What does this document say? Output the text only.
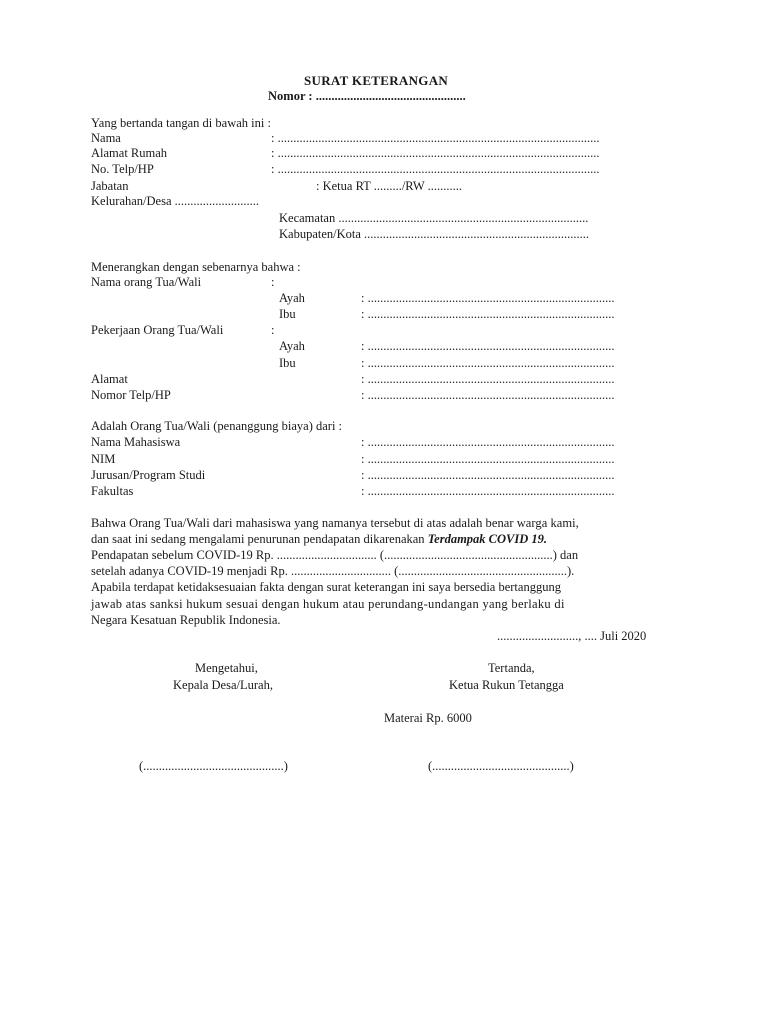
SURAT KETERANGAN
Nomor : ................................................
Yang bertanda tangan di bawah ini :
Nama	: .......................................................................................................
Alamat Rumah	: .......................................................................................................
No. Telp/HP	: .......................................................................................................
Jabatan	: Ketua RT ........./RW ...........
Kelurahan/Desa ...........................
Kecamatan ................................................................................
Kabupaten/Kota ........................................................................
Menerangkan dengan sebenarnya bahwa :
Nama orang Tua/Wali	:
Ayah	: ...............................................................................
Ibu	: ...............................................................................
Pekerjaan Orang Tua/Wali	:
Ayah	: ...............................................................................
Ibu	: ...............................................................................
Alamat	: ...............................................................................
Nomor Telp/HP	: ...............................................................................
Adalah Orang Tua/Wali (penanggung biaya) dari :
Nama Mahasiswa	: ...............................................................................
NIM	: ...............................................................................
Jurusan/Program Studi	: ...............................................................................
Fakultas	: ...............................................................................
Bahwa Orang Tua/Wali dari mahasiswa yang namanya tersebut di atas adalah benar warga kami,
dan saat ini sedang mengalami penurunan pendapatan dikarenakan Terdampak COVID 19.
Pendapatan sebelum COVID-19 Rp. ................................ (......................................................) dan
setelah adanya COVID-19 menjadi Rp. ................................ (......................................................).
Apabila terdapat ketidaksesuaian fakta dengan surat keterangan ini saya bersedia bertanggung
jawab atas sanksi hukum sesuai dengan hukum atau perundang-undangan yang berlaku di
Negara Kesatuan Republik Indonesia.
.........................., .... Juli 2020
Mengetahui,
Kepala Desa/Lurah,
Tertanda,
Ketua Rukun Tetangga
Materai Rp. 6000
(.............................................)	(............................................)
